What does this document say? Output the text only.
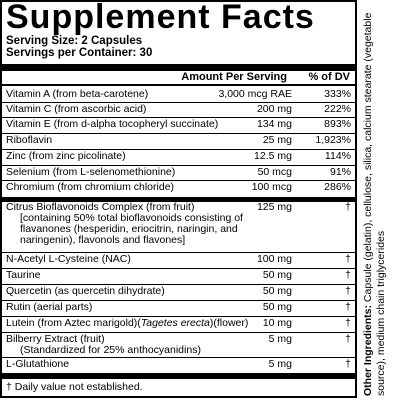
Supplement Facts
Serving Size: 2 Capsules
Servings per Container: 30
Amount Per Serving % of DV
Vitamin A (from beta-carotene)	3,000 mcg RAE	333%
Vitamin C (from ascorbic acid)	200 mg	222%
Vitamin E (from d-alpha tocopheryl succinate)	134 mg	893%
Riboflavin	25 mg 1,923%
Zinc (from zinc picolinate)	12.5 mg	114%
Selenium (from L-selenomethionine)	50 mcg	91%
Chromium (from chromium chloride)	100 mcg	286%
Citrus Bioflavonoids Complex (from fruit)	125 mg	†
[containing 50% total bioflavonoids consisting of
flavanones (hesperidin, eriocitrin, naringin, and
naringenin), flavonols and flavones]
N-Acetyl L-Cysteine (NAC)	100 mg	†
Taurine	50 mg	†
Quercetin (as quercetin dihydrate)	50 mg	†
Rutin (aerial parts)	50 mg	†
Lutein (from Aztec marigold)(Tagetes erecta)(flower) 10 mg	†
Bilberry Extract (fruit)	5 mg	†
(Standardized for 25% anthocyanidins)
L-Glutathione	5 mg	†
† Daily value not established.	Other Ingredients: Capsule (gelatin), cellulose, silica, calcium stearate (vegetable source), medium chain triglycerides
